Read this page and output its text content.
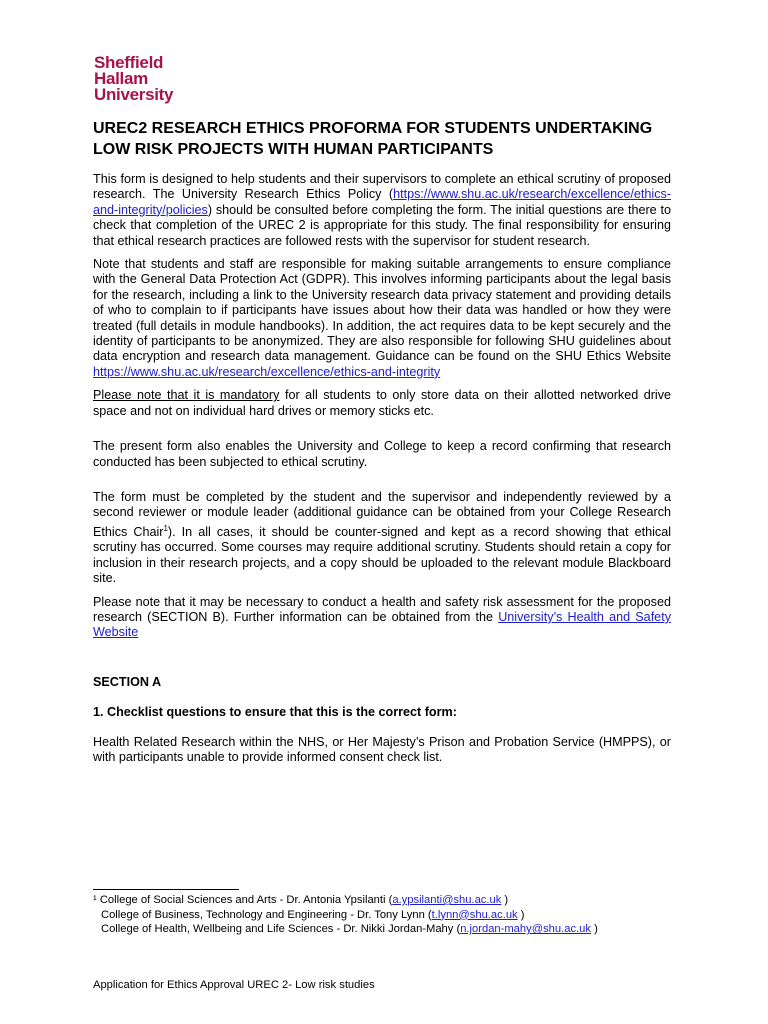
Sheffield
Hallam
University
UREC2 RESEARCH ETHICS PROFORMA FOR STUDENTS UNDERTAKING LOW RISK PROJECTS WITH HUMAN PARTICIPANTS

This form is designed to help students and their supervisors to complete an ethical scrutiny of proposed research. The University Research Ethics Policy (https://www.shu.ac.uk/research/excellence/ethics-and-integrity/policies) should be consulted before completing the form. The initial questions are there to check that completion of the UREC 2 is appropriate for this study. The final responsibility for ensuring that ethical research practices are followed rests with the supervisor for student research.

Note that students and staff are responsible for making suitable arrangements to ensure compliance with the General Data Protection Act (GDPR). This involves informing participants about the legal basis for the research, including a link to the University research data privacy statement and providing details of who to complain to if participants have issues about how their data was handled or how they were treated (full details in module handbooks). In addition, the act requires data to be kept securely and the identity of participants to be anonymized. They are also responsible for following SHU guidelines about data encryption and research data management. Guidance can be found on the SHU Ethics Website https://www.shu.ac.uk/research/excellence/ethics-and-integrity

Please note that it is mandatory for all students to only store data on their allotted networked drive space and not on individual hard drives or memory sticks etc.

The present form also enables the University and College to keep a record confirming that research conducted has been subjected to ethical scrutiny.

The form must be completed by the student and the supervisor and independently reviewed by a second reviewer or module leader (additional guidance can be obtained from your College Research Ethics Chair$^1$). In all cases, it should be counter-signed and kept as a record showing that ethical scrutiny has occurred. Some courses may require additional scrutiny. Students should retain a copy for inclusion in their research projects, and a copy should be uploaded to the relevant module Blackboard site.

Please note that it may be necessary to conduct a health and safety risk assessment for the proposed research (SECTION B). Further information can be obtained from the University’s Health and Safety Website

SECTION A
1. Checklist questions to ensure that this is the correct form:

Health Related Research within the NHS, or Her Majesty’s Prison and Probation Service (HMPPS), or with participants unable to provide informed consent check list.

¹ College of Social Sciences and Arts - Dr. Antonia Ypsilanti (a.ypsilanti@shu.ac.uk )
College of Business, Technology and Engineering - Dr. Tony Lynn (t.lynn@shu.ac.uk )
College of Health, Wellbeing and Life Sciences - Dr. Nikki Jordan-Mahy (n.jordan-mahy@shu.ac.uk )
Application for Ethics Approval UREC 2- Low risk studies
